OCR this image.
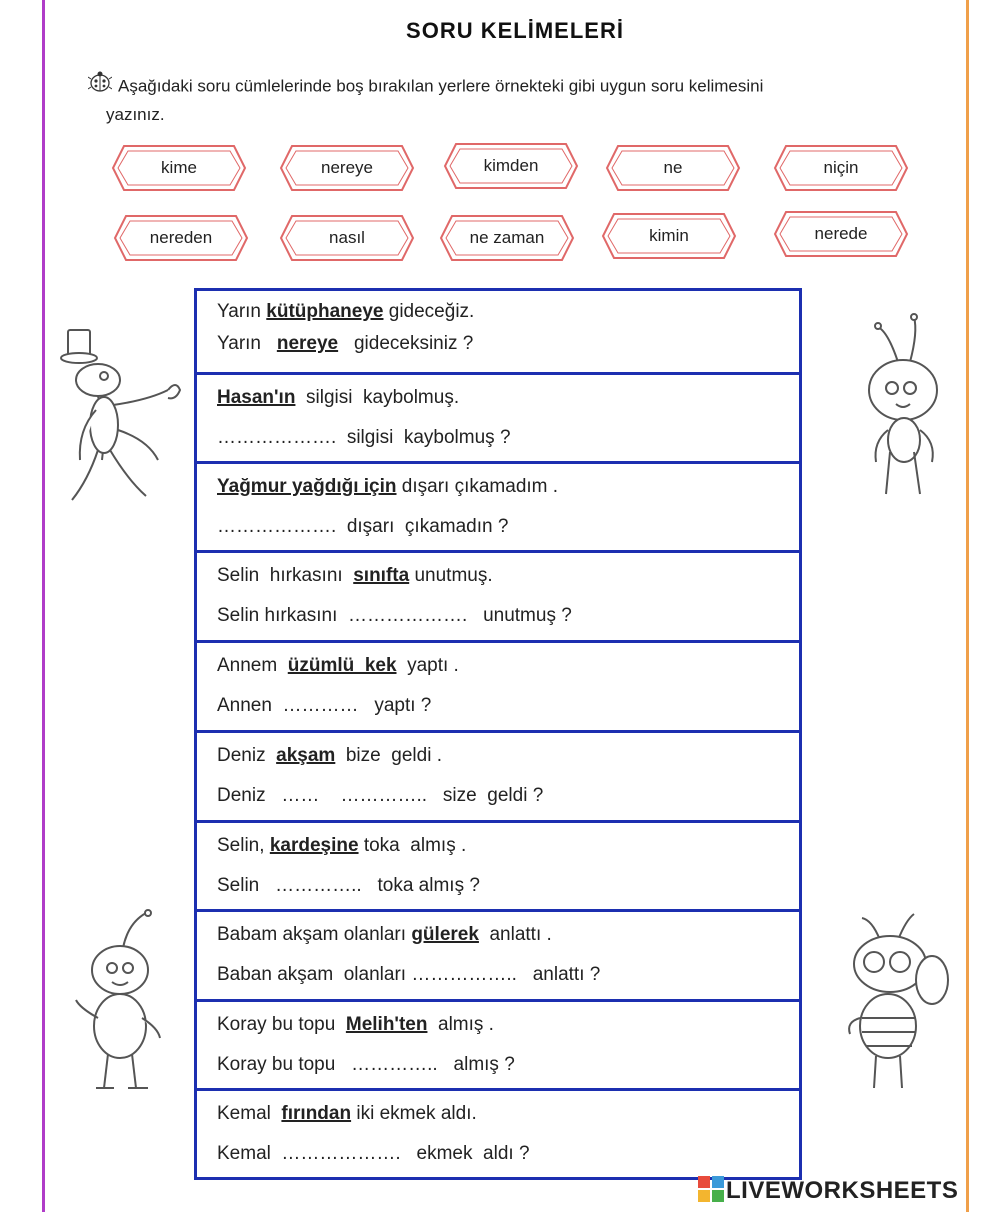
SORU KELİMELERİ
Aşağıdaki soru cümlelerinde boş bırakılan yerlere örnekteki gibi uygun soru kelimesini
yazınız.
kime	nereye	kimden	ne	niçin
nereden	nasıl	ne zaman	kimin	nerede
Yarın kütüphaneye gideceğiz.
Yarın   nereye   gideceksiniz ?
Hasan'ın  silgisi  kaybolmuş.
……………….  silgisi  kaybolmuş ?
Yağmur yağdığı için dışarı çıkamadım .
……………….  dışarı  çıkamadın ?
Selin  hırkasını  sınıfta unutmuş.
Selin hırkasını  ……………….   unutmuş ?
Annem  üzümlü  kek  yaptı .
Annen  …………   yaptı ?
Deniz  akşam  bize  geldi .
Deniz   ……    …………..   size  geldi ?
Selin, kardeşine toka  almış .
Selin   …………..   toka almış ?
Babam akşam olanları gülerek  anlattı .
Baban akşam  olanları ……………..   anlattı ?
Koray bu topu  Melih'ten  almış .
Koray bu topu   …………..   almış ?
Kemal  fırından iki ekmek aldı.
Kemal  ……………….   ekmek  aldı ?
LIVEWORKSHEETS
